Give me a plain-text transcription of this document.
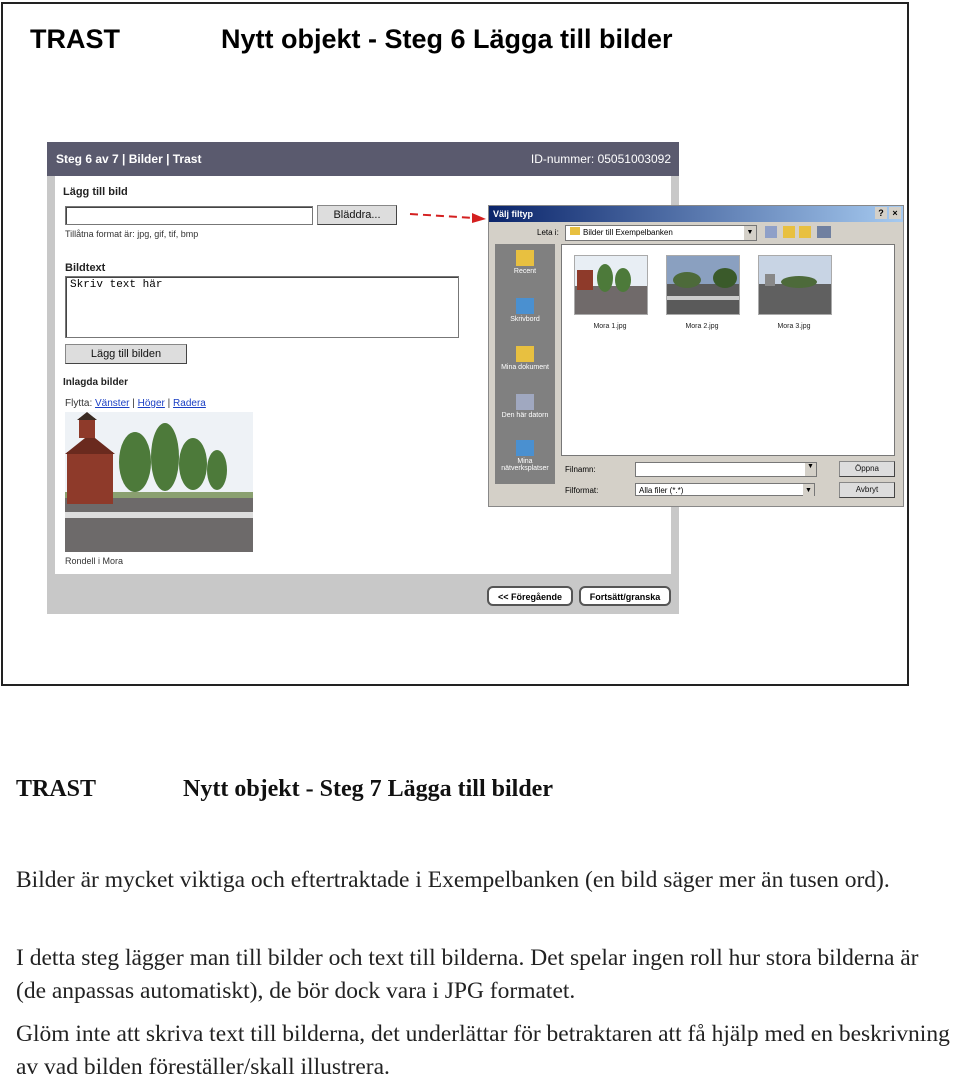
TRAST	Nytt objekt - Steg 6 Lägga till bilder
Steg 6 av 7 | Bilder | Trast	ID-nummer: 05051003092
Lägg till bild
Bläddra...
Tillåtna format är: jpg, gif, tif, bmp
Bildtext
Skriv text här
Lägg till bilden
Inlagda bilder
Flytta: Vänster | Höger | Radera
Rondell i Mora
<< Föregående	Fortsätt/granska
Välj filtyp	? ×
Leta i:	Bilder till Exempelbanken	▼
Recent
Skrivbord
Mina dokument
Den här datorn
Mina nätverksplatser
Mora 1.jpg	Mora 2.jpg	Mora 3.jpg
Filnamn:	▼
Filformat:	Alla filer (*.*)	▼
Öppna
Avbryt
TRAST	Nytt objekt - Steg 7 Lägga till bilder

Bilder är mycket viktiga och eftertraktade i Exempelbanken (en bild säger mer än tusen ord).

I detta steg lägger man till bilder och text till bilderna. Det spelar ingen roll hur stora bilderna är (de anpassas automatiskt), de bör dock vara i JPG formatet.

Glöm inte att skriva text till bilderna, det underlättar för betraktaren att få hjälp med en beskrivning av vad bilden föreställer/skall illustrera.
